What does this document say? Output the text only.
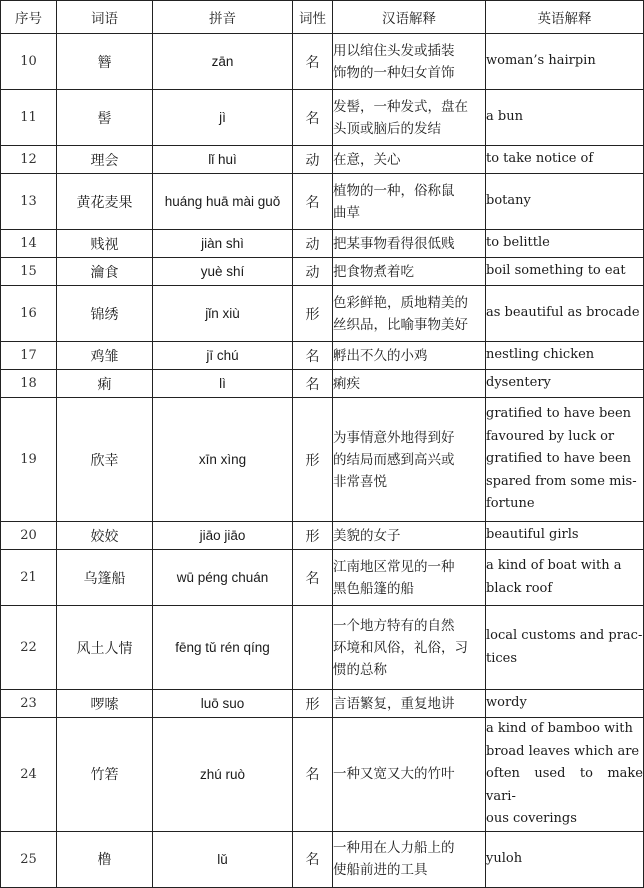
序号	词语	拼音	词性	汉语解释	英语解释
10	簪	zān	名	用以绾住头发或插装
饰物的一种妇女首饰	woman’s hairpin

11	髻	jì	名	发髻，一种发式，盘在
头顶或脑后的发结	a bun

12	理会	lǐ huì	动	在意，关心	to take notice of

13	黄花麦果	huáng huā mài guǒ	名	植物的一种，俗称鼠
曲草	botany

14	贱视	jiàn shì	动	把某事物看得很低贱	to belittle

15	瀹食	yuè shí	动	把食物煮着吃	boil something to eat

16	锦绣	jǐn xiù	形	色彩鲜艳，质地精美的
丝织品，比喻事物美好	as beautiful as brocade

17	鸡雏	jī chú	名	孵出不久的小鸡	nestling chicken

18	痢	lì	名	痢疾	dysentery

19	欣幸	xīn xìng	形	为事情意外地得到好
的结局而感到高兴或
非常喜悦	gratified to have been
favoured by luck or
gratified to have been
spared from some mis-
fortune

20	姣姣	jiāo jiāo	形	美貌的女子	beautiful girls

21	乌篷船	wū péng chuán	名	江南地区常见的一种
黑色船篷的船	a kind of boat with a
black roof

22	风土人情	fēng tǔ rén qíng		一个地方特有的自然
环境和风俗，礼俗，习
惯的总称	local customs and prac-
tices

23	啰嗦	luō suo	形	言语繁复，重复地讲	wordy

24	竹箬	zhú ruò	名	一种又宽又大的竹叶	a kind of bamboo with
broad leaves which are
often used to make vari-
ous coverings

25	橹	lǔ	名	一种用在人力船上的
使船前进的工具	yuloh
